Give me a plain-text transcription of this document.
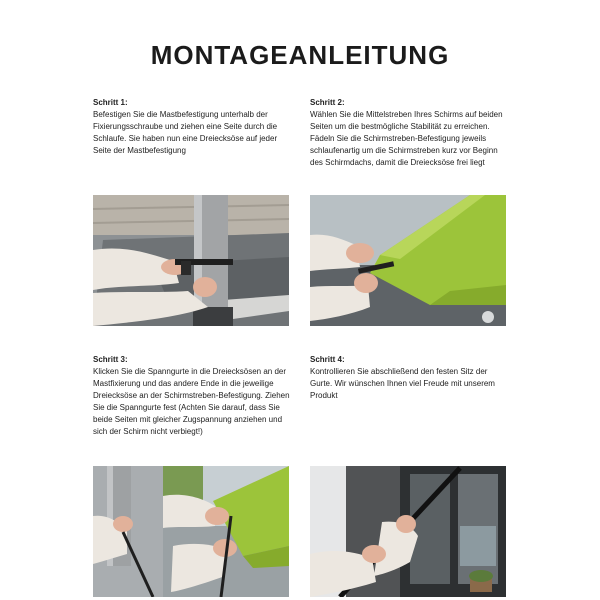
MONTAGEANLEITUNG
Schritt 1:
Befestigen Sie die Mastbefestigung unterhalb der Fixierungsschraube und ziehen eine Seite durch die Schlaufe. Sie haben nun eine Dreiecksöse auf jeder Seite der Mastbefestigung
Schritt 2:
Wählen Sie die Mittelstreben Ihres Schirms auf beiden Seiten um die bestmögliche Stabilität zu erreichen. Fädeln Sie die Schirmstreben-Befestigung jeweils schlaufenartig um die Schirmstreben kurz vor Beginn des Schirmdachs, damit die Dreiecksöse frei liegt
Schritt 3:
Klicken Sie die Spanngurte in die Dreiecksösen an der Mastfixierung und das andere Ende in die jeweilige Dreiecksöse an der Schirmstreben-Befestigung. Ziehen Sie die Spanngurte fest (Achten Sie darauf, dass Sie beide Seiten mit gleicher Zugspannung anziehen und sich der Schirm nicht verbiegt!)
Schritt 4:
Kontrollieren Sie abschließend den festen Sitz der Gurte. Wir wünschen Ihnen viel Freude mit unserem Produkt
